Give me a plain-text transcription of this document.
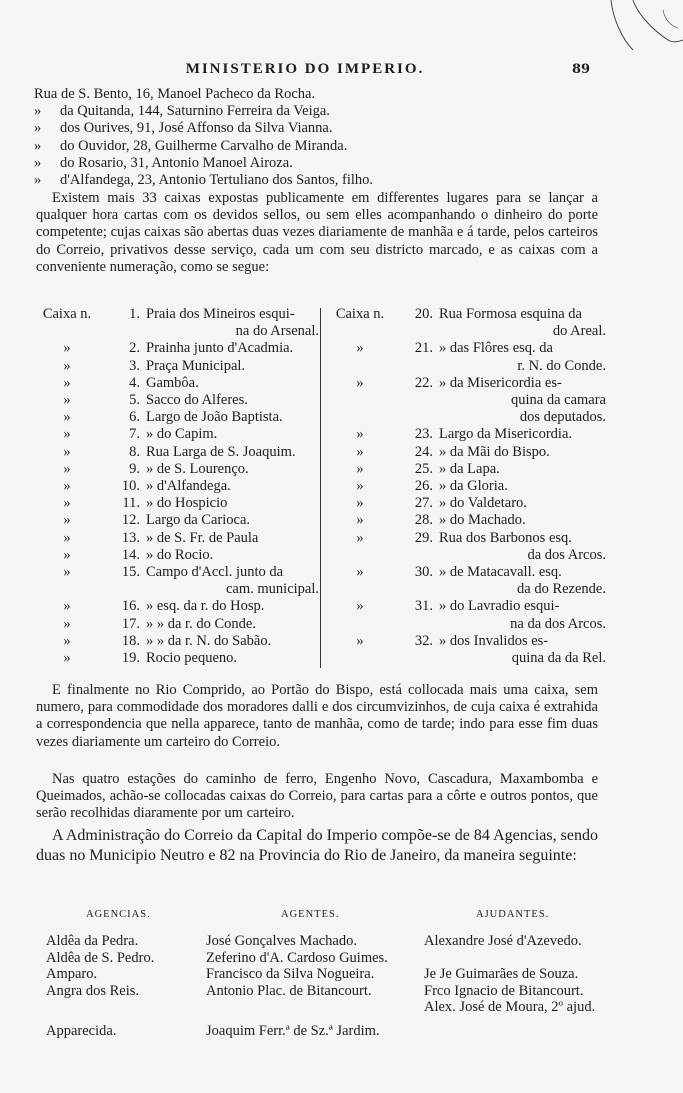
MINISTERIO DO IMPERIO.	89
Rua de S. Bento, 16, Manoel Pacheco da Rocha.
» da Quitanda, 144, Saturnino Ferreira da Veiga.
» dos Ourives, 91, José Affonso da Silva Vianna.
» do Ouvidor, 28, Guilherme Carvalho de Miranda.
» do Rosario, 31, Antonio Manoel Airoza.
» d'Alfandega, 23, Antonio Tertuliano dos Santos, filho.
Existem mais 33 caixas expostas publicamente em differentes lugares para se lançar a qualquer hora cartas com os devidos sellos, ou sem elles acompanhando o dinheiro do porte competente; cujas caixas são abertas duas vezes diariamente de manhãa e á tarde, pelos carteiros do Correio, privativos desse serviço, cada um com seu districto marcado, e as caixas com a conveniente numeração, como se segue:
Caixa n.	1. Praia dos Mineiros esqui-
na do Arsenal.
»	2. Prainha junto d'Acadmia.
»	3. Praça Municipal.
»	4. Gambôa.
»	5. Sacco do Alferes.
»	6. Largo de João Baptista.
»	7. » do Capim.
»	8. Rua Larga de S. Joaquim.
»	9. » de S. Lourenço.
»	10. » d'Alfandega.
»	11. » do Hospicio
»	12. Largo da Carioca.
»	13. » de S. Fr. de Paula
»	14. » do Rocio.
»	15. Campo d'Accl. junto da
cam. municipal.
»	16. » esq. da r. do Hosp.
»	17. » » da r. do Conde.
»	18. » » da r. N. do Sabão.
»	19. Rocio pequeno.
Caixa n.	20. Rua Formosa esquina da
do Areal.
»	21. » das Flôres esq. da
r. N. do Conde.
»	22. » da Misericordia es-
quina da camara
dos deputados.
»	23. Largo da Misericordia.
»	24. » da Mãi do Bispo.
»	25. » da Lapa.
»	26. » da Gloria.
»	27. » do Valdetaro.
»	28. » do Machado.
»	29. Rua dos Barbonos esq.
da dos Arcos.
»	30. » de Matacavall. esq.
da do Rezende.
»	31. » do Lavradio esqui-
na da dos Arcos.
»	32. » dos Invalidos es-
quina da da Rel.
E finalmente no Rio Comprido, ao Portão do Bispo, está collocada mais uma caixa, sem numero, para commodidade dos moradores dalli e dos circumvizinhos, de cuja caixa é extrahida a correspondencia que nella apparece, tanto de manhãa, como de tarde; indo para esse fim duas vezes diariamente um carteiro do Correio.
Nas quatro estações do caminho de ferro, Engenho Novo, Cascadura, Maxambomba e Queimados, achão-se collocadas caixas do Correio, para cartas para a côrte e outros pontos, que serão recolhidas diaramente por um carteiro.
A Administração do Correio da Capital do Imperio compõe-se de 84 Agencias, sendo duas no Municipio Neutro e 82 na Provincia do Rio de Janeiro, da maneira seguinte:
AGENCIAS.	AGENTES.	AJUDANTES.
Aldêa da Pedra.	José Gonçalves Machado.	Alexandre José d'Azevedo.
Aldêa de S. Pedro.	Zeferino d'A. Cardoso Guimes.
Amparo.	Francisco da Silva Nogueira.	Je Je Guimarães de Souza.
Angra dos Reis.	Antonio Plac. de Bitancourt.	Frco Ignacio de Bitancourt.
Alex. José de Moura, 2º ajud.
Apparecida.	Joaquim Ferr.ª de Sz.ª Jardim.
